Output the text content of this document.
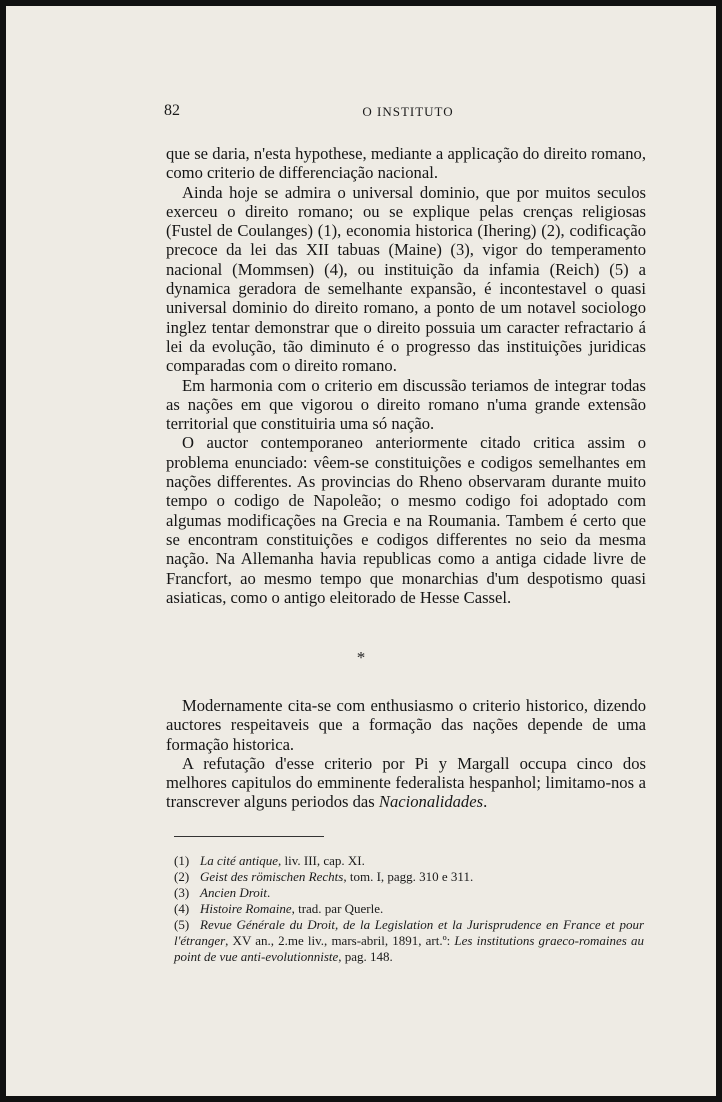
82	O INSTITUTO

que se daria, n'esta hypothese, mediante a applicação do direito romano, como criterio de differenciação nacional.

Ainda hoje se admira o universal dominio, que por muitos seculos exerceu o direito romano; ou se explique pelas crenças religiosas (Fustel de Coulanges) (1), economia historica (Ihering) (2), codificação precoce da lei das XII tabuas (Maine) (3), vigor do temperamento nacional (Mommsen) (4), ou instituição da infamia (Reich) (5) a dynamica geradora de semelhante expansão, é incontestavel o quasi universal dominio do direito romano, a ponto de um notavel sociologo inglez tentar demonstrar que o direito possuia um caracter refractario á lei da evolução, tão diminuto é o progresso das instituições juridicas comparadas com o direito romano.

Em harmonia com o criterio em discussão teriamos de integrar todas as nações em que vigorou o direito romano n'uma grande extensão territorial que constituiria uma só nação.

O auctor contemporaneo anteriormente citado critica assim o problema enunciado: vêem-se constituições e codigos semelhantes em nações differentes. As provincias do Rheno observaram durante muito tempo o codigo de Napoleão; o mesmo codigo foi adoptado com algumas modificações na Grecia e na Roumania. Tambem é certo que se encontram constituições e codigos differentes no seio da mesma nação. Na Allemanha havia republicas como a antiga cidade livre de Francfort, ao mesmo tempo que monarchias d'um despotismo quasi asiaticas, como o antigo eleitorado de Hesse Cassel.

*

Modernamente cita-se com enthusiasmo o criterio historico, dizendo auctores respeitaveis que a formação das nações depende de uma formação historica.

A refutação d'esse criterio por Pi y Margall occupa cinco dos melhores capitulos do emminente federalista hespanhol; limitamo-nos a transcrever alguns periodos das Nacionalidades.

(1) La cité antique, liv. III, cap. XI.

(2) Geist des römischen Rechts, tom. I, pagg. 310 e 311.

(3) Ancien Droit.

(4) Histoire Romaine, trad. par Querle.

(5) Revue Générale du Droit, de la Legislation et la Jurisprudence en France et pour l'étranger, XV an., 2.me liv., mars-abril, 1891, art.º: Les institutions graeco-romaines au point de vue anti-evolutionniste, pag. 148.
